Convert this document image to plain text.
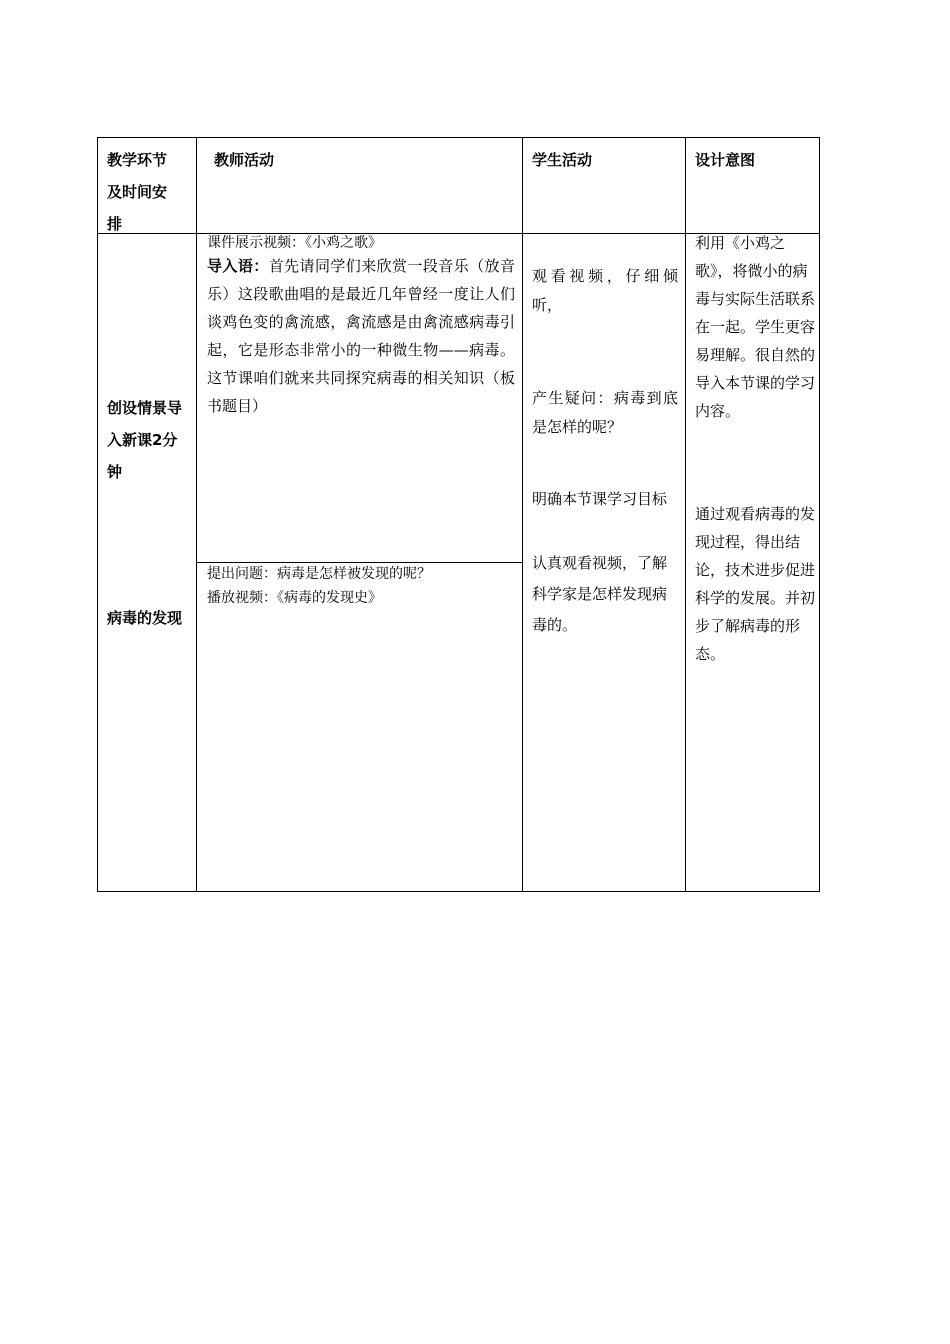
教学环节及时间安排
教师活动	学生活动	设计意图
创设情景导入新课2分钟
病毒的发现

课件展示视频：《小鸡之歌》

导入语：首先请同学们来欣赏一段音乐（放音乐）这段歌曲唱的是最近几年曾经一度让人们谈鸡色变的禽流感，禽流感是由禽流感病毒引起，它是形态非常小的一种微生物——病毒。这节课咱们就来共同探究病毒的相关知识（板书题目）

提出问题：病毒是怎样被发现的呢？

播放视频：《病毒的发现史》

观看视频，仔细倾听，
产生疑问：病毒到底是怎样的呢？
明确本节课学习目标
认真观看视频，了解科学家是怎样发现病毒的。
利用《小鸡之歌》，将微小的病毒与实际生活联系在一起。学生更容易理解。很自然的导入本节课的学习内容。
通过观看病毒的发现过程，得出结论，技术进步促进科学的发展。并初步了解病毒的形态。
